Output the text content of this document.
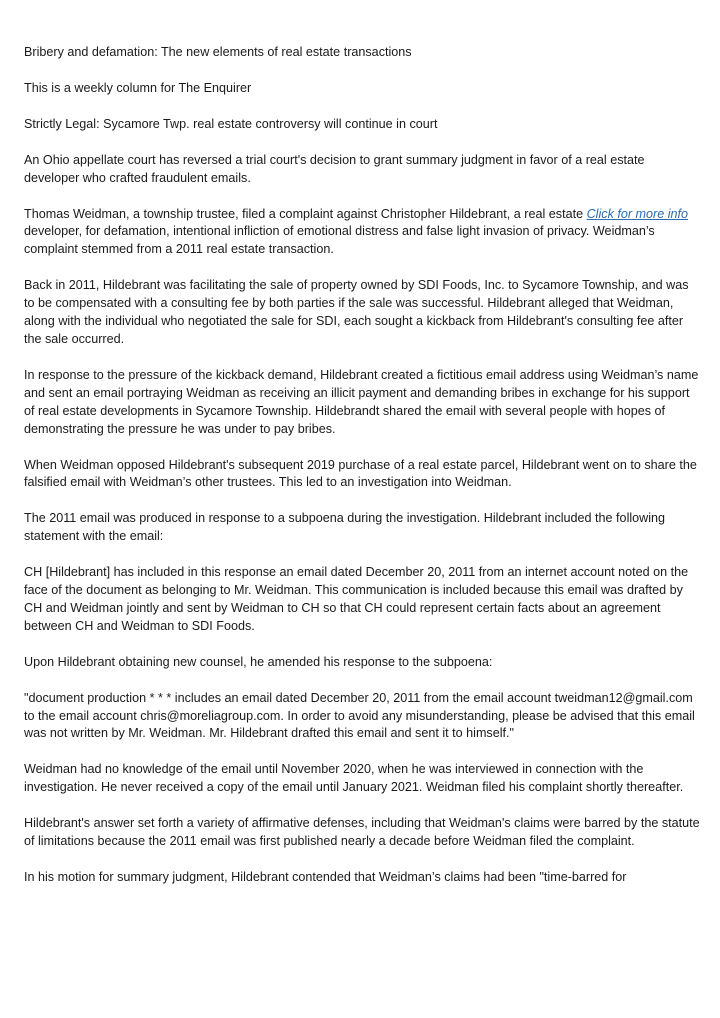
Bribery and defamation: The new elements of real estate transactions

This is a weekly column for The Enquirer

Strictly Legal: Sycamore Twp. real estate controversy will continue in court

An Ohio appellate court has reversed a trial court's decision to grant summary judgment in favor of a real estate developer who crafted fraudulent emails.

Thomas Weidman, a township trustee, filed a complaint against Christopher Hildebrant, a real estate Click for more info developer, for defamation, intentional infliction of emotional distress and false light invasion of privacy. Weidman’s complaint stemmed from a 2011 real estate transaction.

Back in 2011, Hildebrant was facilitating the sale of property owned by SDI Foods, Inc. to Sycamore Township, and was to be compensated with a consulting fee by both parties if the sale was successful. Hildebrant alleged that Weidman, along with the individual who negotiated the sale for SDI, each sought a kickback from Hildebrant's consulting fee after the sale occurred.

In response to the pressure of the kickback demand, Hildebrant created a fictitious email address using Weidman’s name and sent an email portraying Weidman as receiving an illicit payment and demanding bribes in exchange for his support of real estate developments in Sycamore Township. Hildebrandt shared the email with several people with hopes of demonstrating the pressure he was under to pay bribes.

When Weidman opposed Hildebrant's subsequent 2019 purchase of a real estate parcel, Hildebrant went on to share the falsified email with Weidman’s other trustees. This led to an investigation into Weidman.

The 2011 email was produced in response to a subpoena during the investigation. Hildebrant included the following statement with the email:

CH [Hildebrant] has included in this response an email dated December 20, 2011 from an internet account noted on the face of the document as belonging to Mr. Weidman. This communication is included because this email was drafted by CH and Weidman jointly and sent by Weidman to CH so that CH could represent certain facts about an agreement between CH and Weidman to SDI Foods.

Upon Hildebrant obtaining new counsel, he amended his response to the subpoena:

"document production * * * includes an email dated December 20, 2011 from the email account tweidman12@gmail.com to the email account chris@moreliagroup.com. In order to avoid any misunderstanding, please be advised that this email was not written by Mr. Weidman. Mr. Hildebrant drafted this email and sent it to himself."

Weidman had no knowledge of the email until November 2020, when he was interviewed in connection with the investigation. He never received a copy of the email until January 2021. Weidman filed his complaint shortly thereafter.

Hildebrant's answer set forth a variety of affirmative defenses, including that Weidman's claims were barred by the statute of limitations because the 2011 email was first published nearly a decade before Weidman filed the complaint.

In his motion for summary judgment, Hildebrant contended that Weidman’s claims had been "time-barred for
